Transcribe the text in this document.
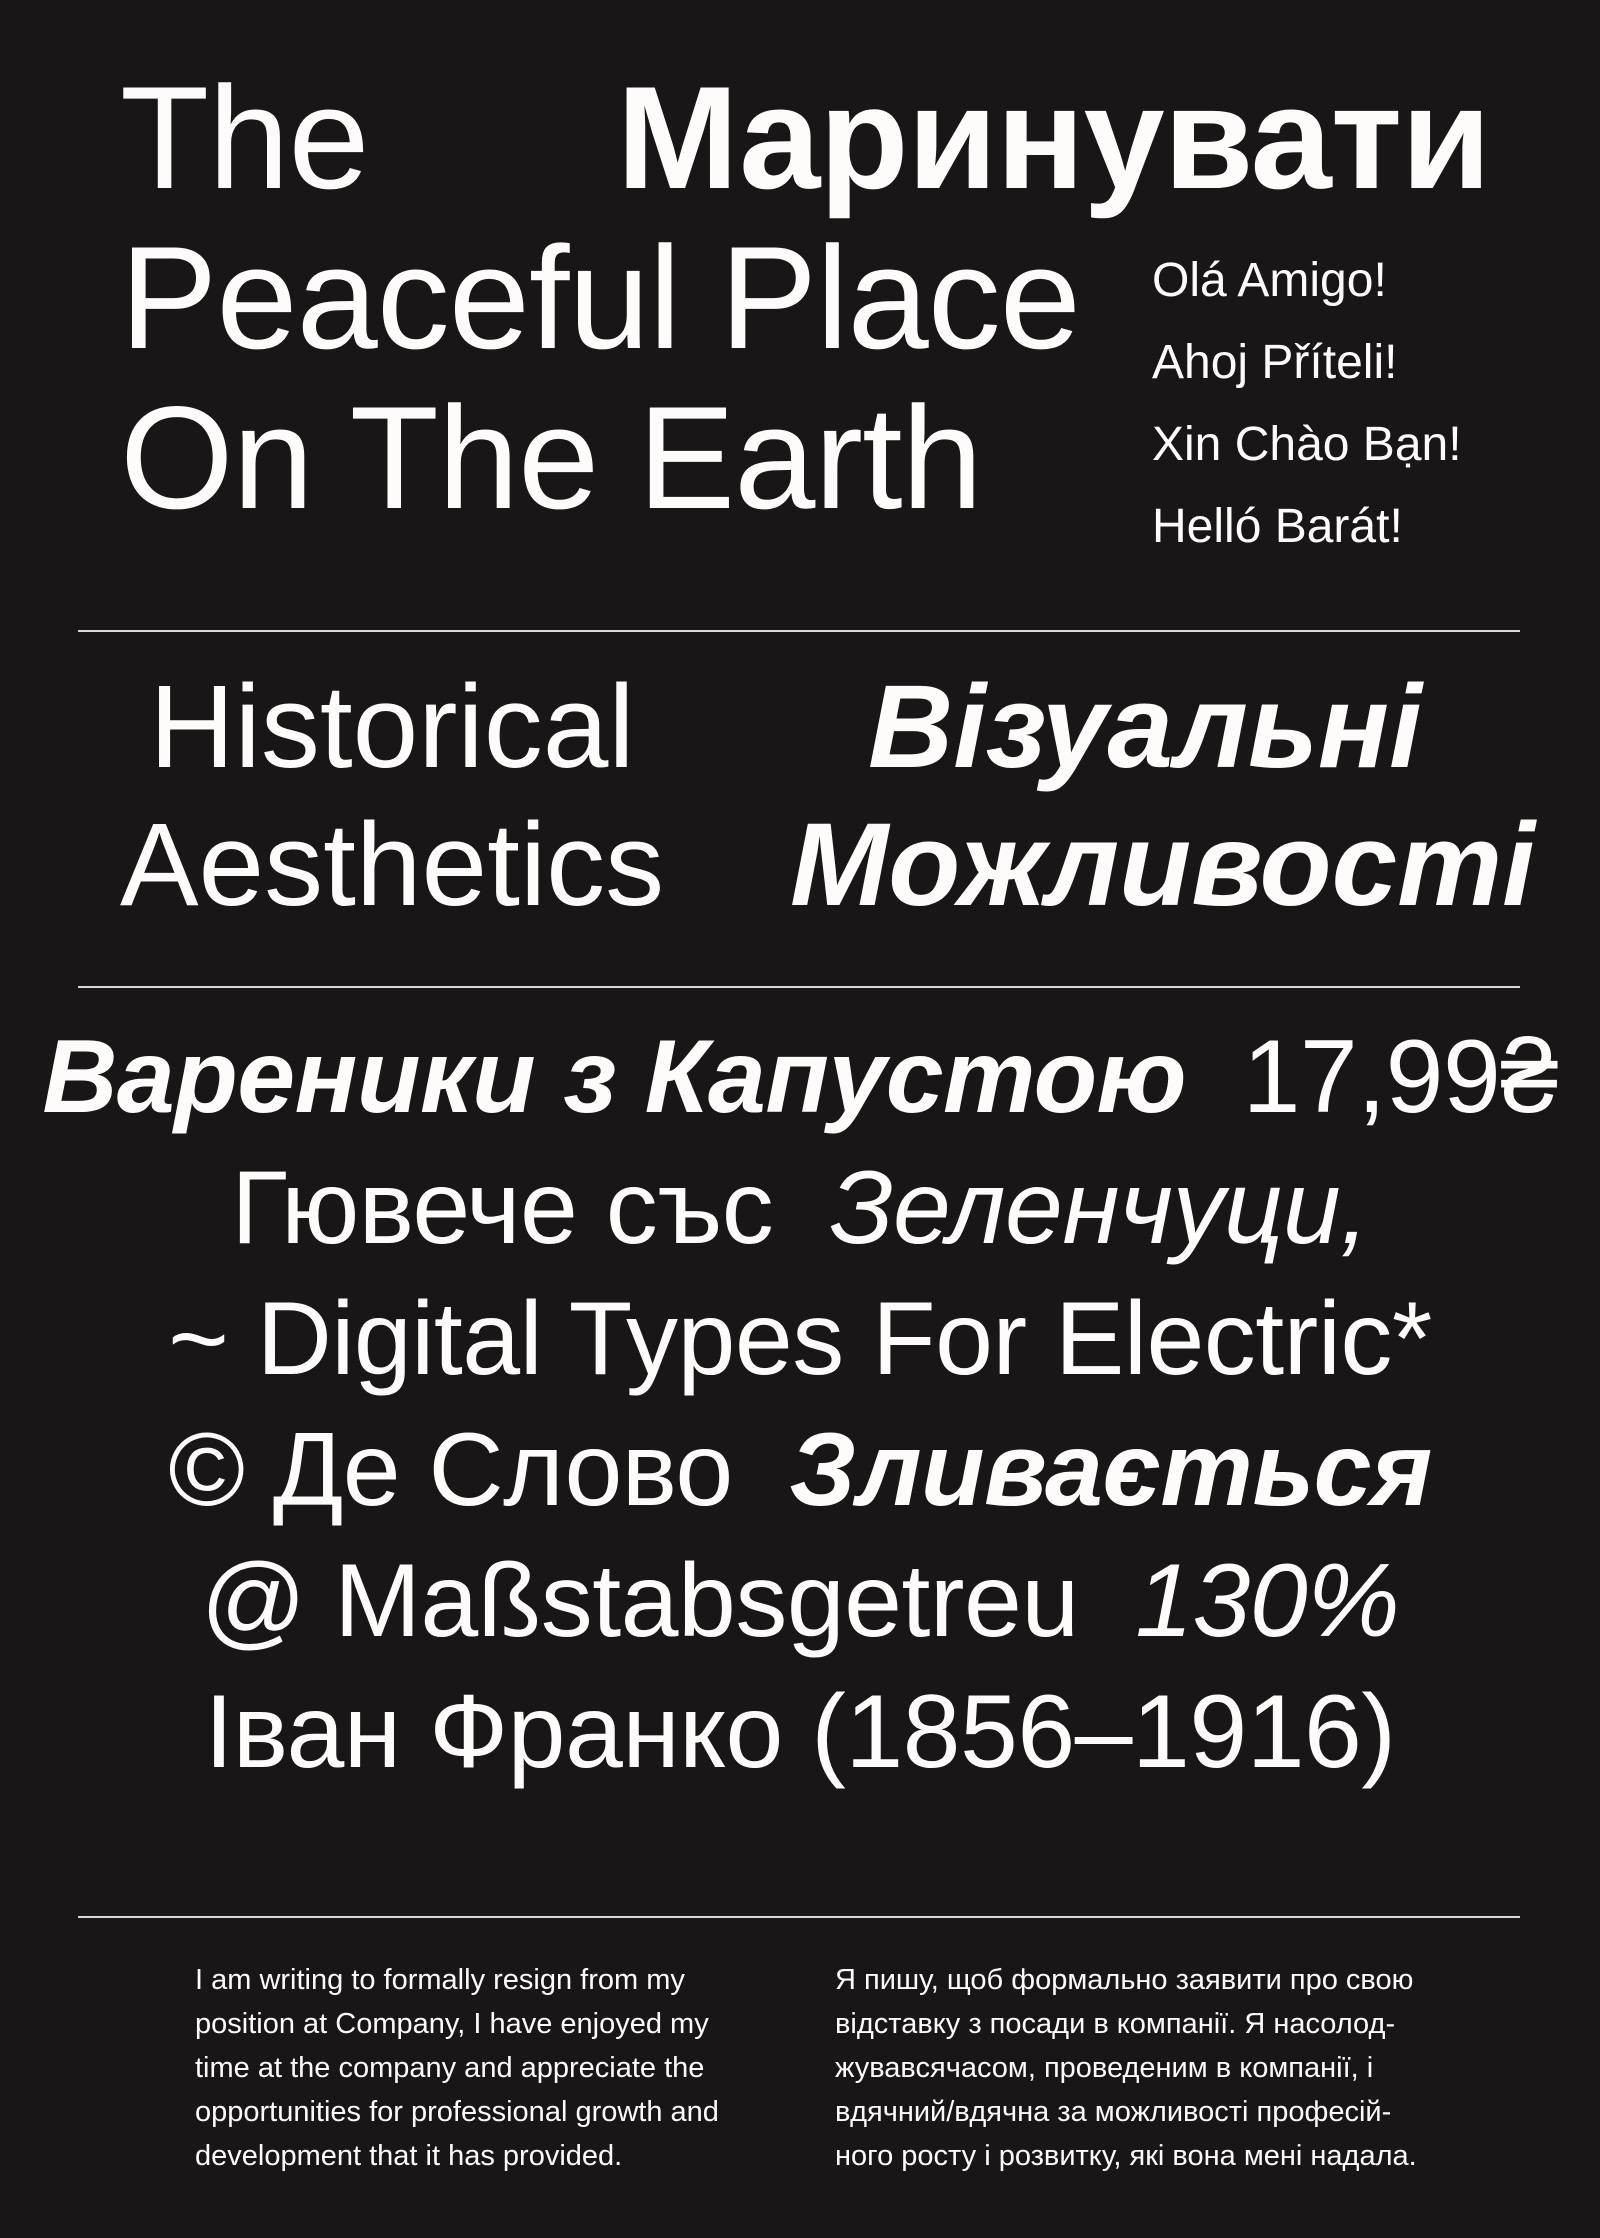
The Маринувати
Peaceful Place
On The Earth
Olá Amigo!
Ahoj Příteli!
Xin Chào Bạn!
Helló Barát!
Historical
Aesthetics
Візуальні
Можливості
Вареники з Капустою 17,99₴
Гювече със Зеленчуци,
~ Digital Types For Electric*
© Де Слово Зливається
@ Maßstabsgetreu 130%
Іван Франко (1856–1916)
I am writing to formally resign from my
position at Company, I have enjoyed my
time at the company and appreciate the
opportunities for professional growth and
development that it has provided.
Я пишу, щоб формально заявити про свою
відставку з посади в компанії. Я насолод-
жувавсячасом, проведеним в компанії, і
вдячний/вдячна за можливості професій-
ного росту і розвитку, які вона мені надала.
